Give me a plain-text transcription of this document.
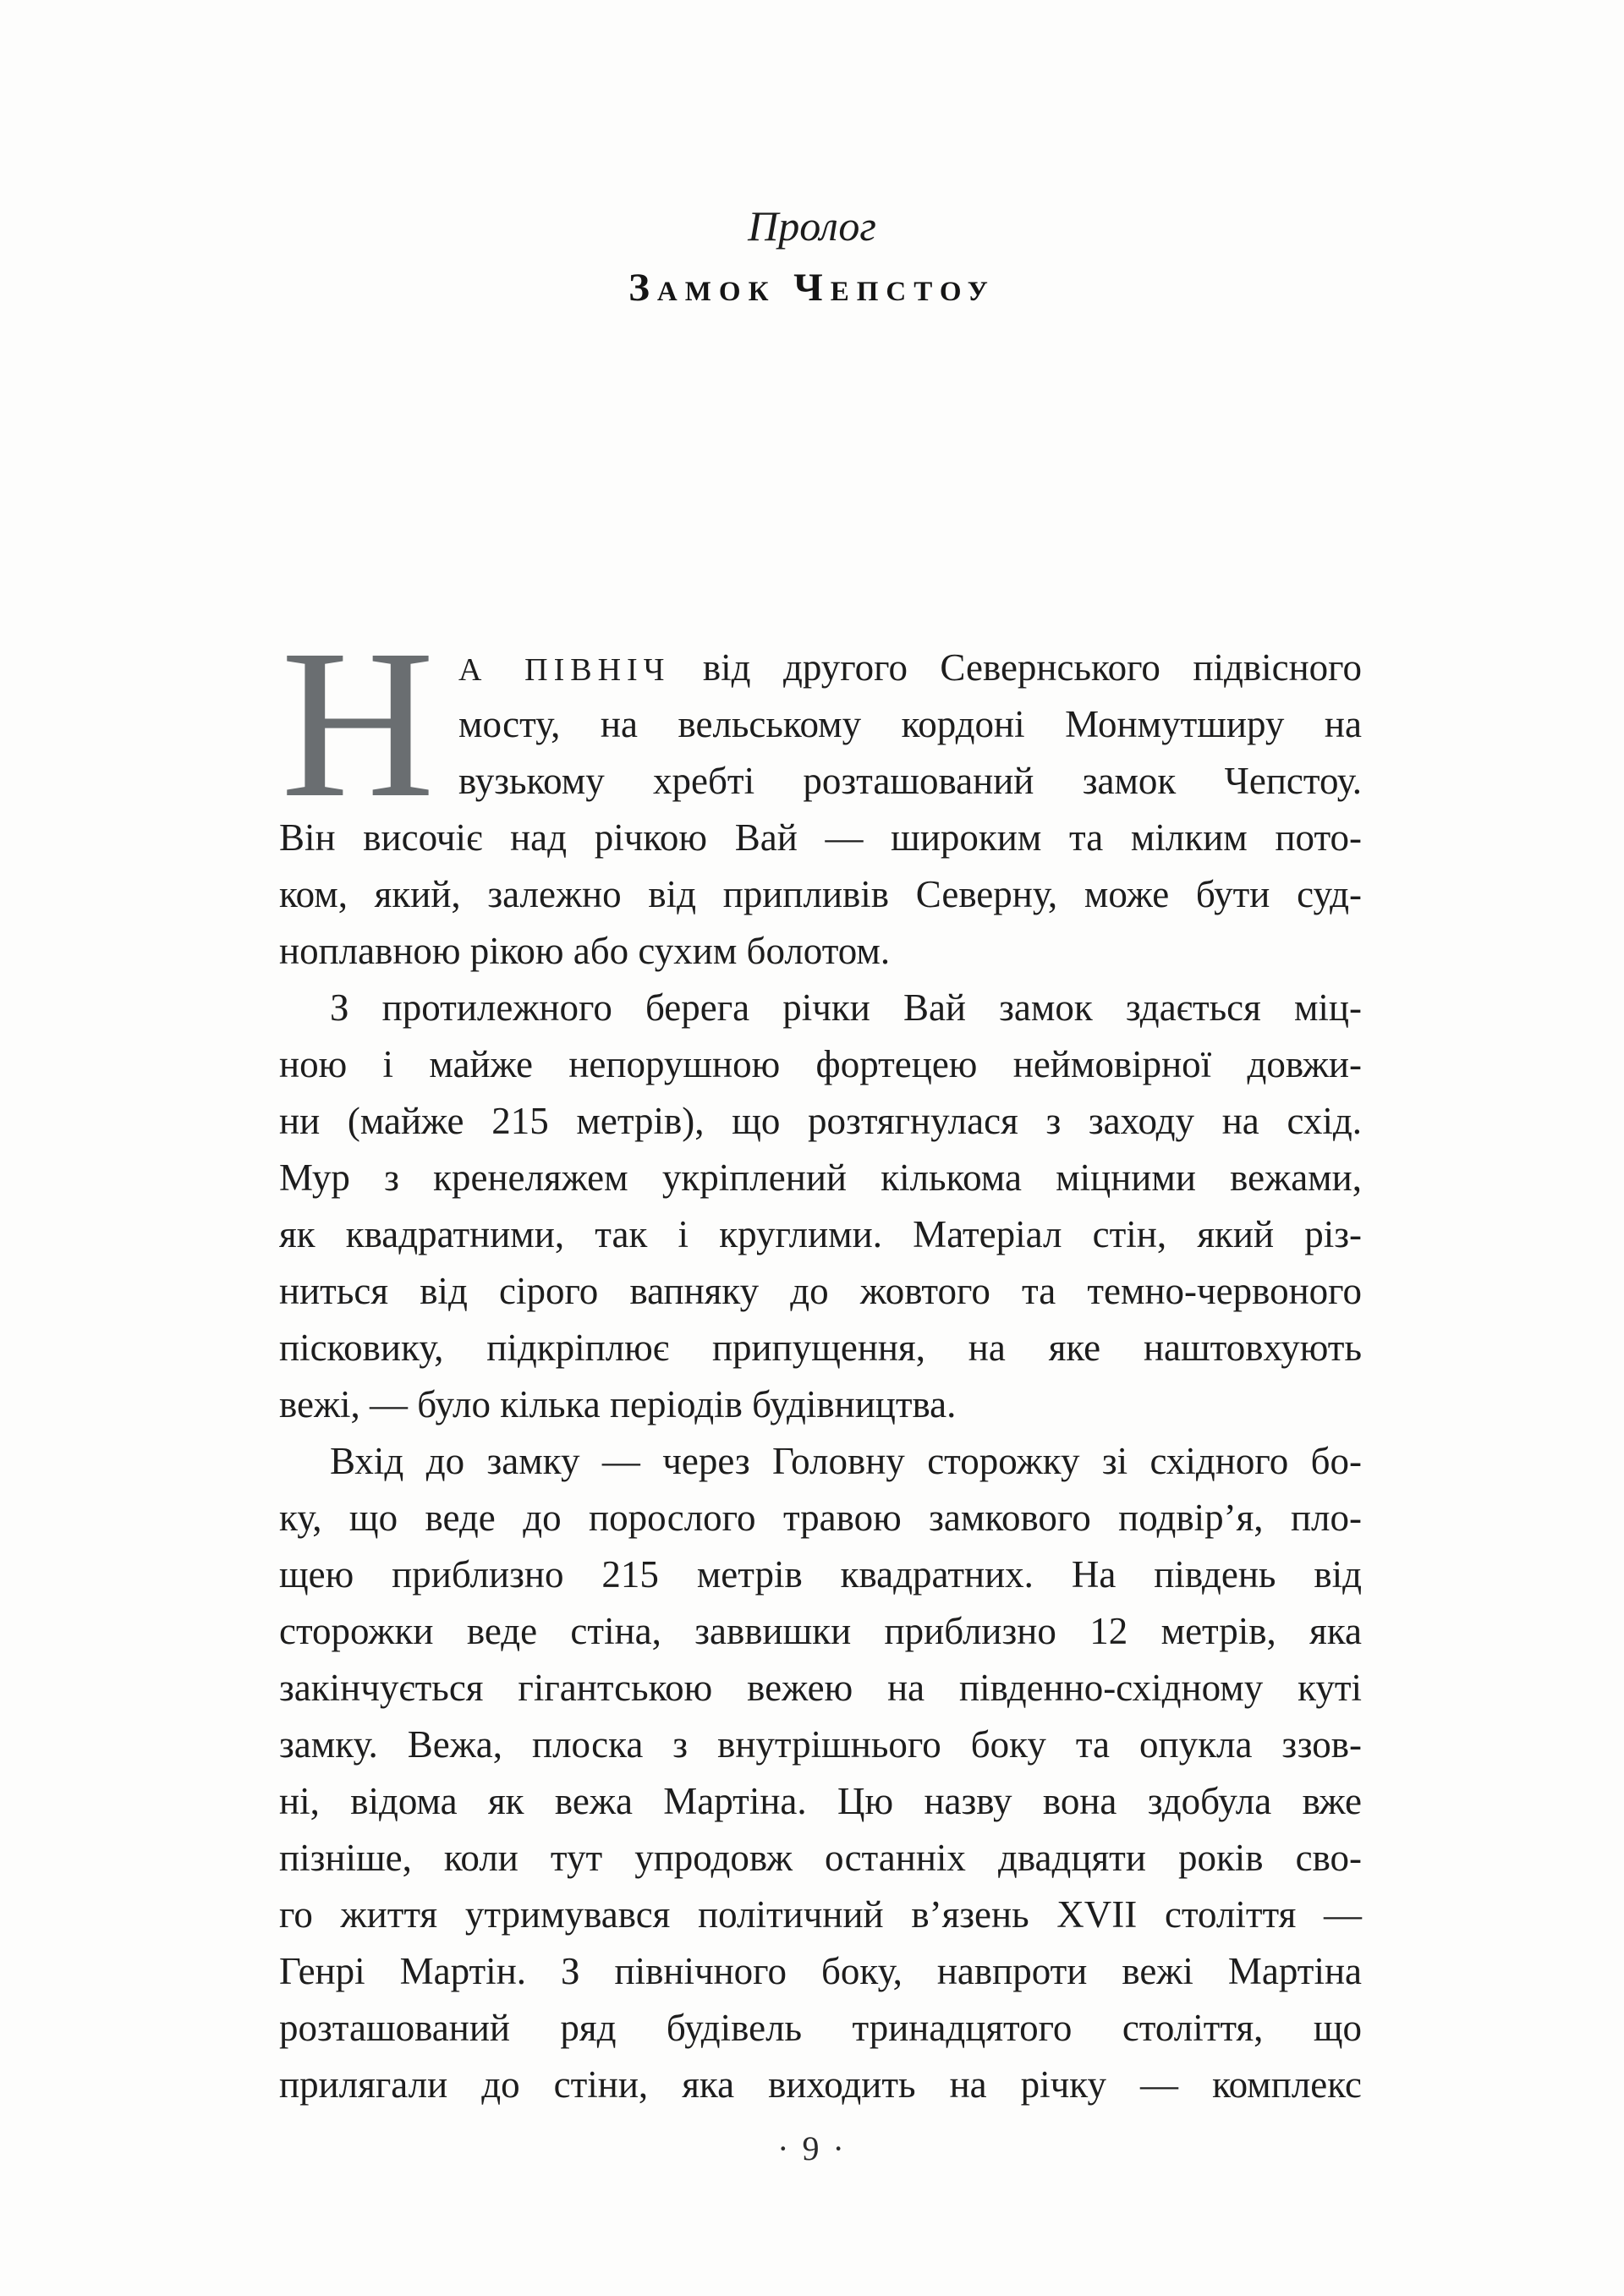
Пролог
Замок Чепстоу
Н А ПІВНІЧ від другого Севернського підвісного
мосту, на вельському кордоні Монмутширу на
вузькому хребті розташований замок Чепстоу.
Він височіє над річкою Вай — широким та мілким пото-
ком, який, залежно від припливів Северну, може бути суд-
ноплавною рікою або сухим болотом.
З протилежного берега річки Вай замок здається міц-
ною і майже непорушною фортецею неймовірної довжи-
ни (майже 215 метрів), що розтягнулася з заходу на схід.
Мур з кренеляжем укріплений кількома міцними вежами,
як квадратними, так і круглими. Матеріал стін, який різ-
ниться від сірого вапняку до жовтого та темно-червоного
пісковику, підкріплює припущення, на яке наштовхують
вежі, — було кілька періодів будівництва.
Вхід до замку — через Головну сторожку зі східного бо-
ку, що веде до порослого травою замкового подвір’я, пло-
щею приблизно 215 метрів квадратних. На південь від
сторожки веде стіна, заввишки приблизно 12 метрів, яка
закінчується гігантською вежею на південно-східному куті
замку. Вежа, плоска з внутрішнього боку та опукла ззов-
ні, відома як вежа Мартіна. Цю назву вона здобула вже
пізніше, коли тут упродовж останніх двадцяти років сво-
го життя утримувався політичний в’язень XVII століття —
Генрі Мартін. З північного боку, навпроти вежі Мартіна
розташований ряд будівель тринадцятого століття, що
прилягали до стіни, яка виходить на річку — комплекс
· 9 ·
